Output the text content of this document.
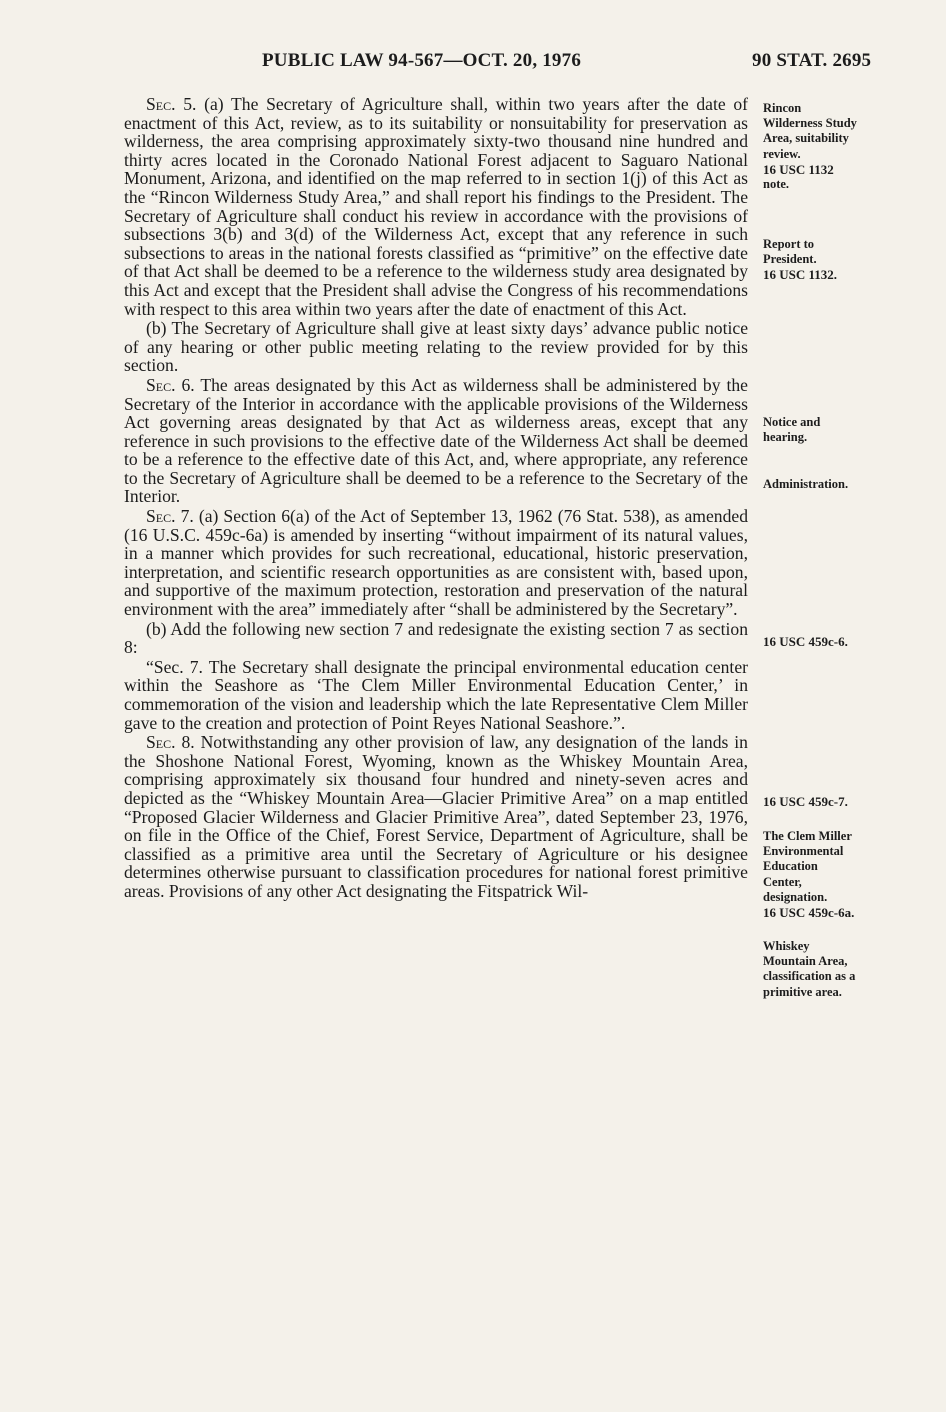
PUBLIC LAW 94-567—OCT. 20, 1976	90 STAT. 2695

Sec. 5. (a) The Secretary of Agriculture shall, within two years after the date of enactment of this Act, review, as to its suitability or nonsuitability for preservation as wilderness, the area comprising approximately sixty-two thousand nine hundred and thirty acres located in the Coronado National Forest adjacent to Saguaro National Monument, Arizona, and identified on the map referred to in section 1(j) of this Act as the “Rincon Wilderness Study Area,” and shall report his findings to the President. The Secretary of Agriculture shall conduct his review in accordance with the provisions of subsections 3(b) and 3(d) of the Wilderness Act, except that any reference in such subsections to areas in the national forests classified as “primitive” on the effective date of that Act shall be deemed to be a reference to the wilderness study area designated by this Act and except that the President shall advise the Congress of his recommendations with respect to this area within two years after the date of enactment of this Act.

(b) The Secretary of Agriculture shall give at least sixty days’ advance public notice of any hearing or other public meeting relating to the review provided for by this section.

Sec. 6. The areas designated by this Act as wilderness shall be administered by the Secretary of the Interior in accordance with the applicable provisions of the Wilderness Act governing areas designated by that Act as wilderness areas, except that any reference in such provisions to the effective date of the Wilderness Act shall be deemed to be a reference to the effective date of this Act, and, where appropriate, any reference to the Secretary of Agriculture shall be deemed to be a reference to the Secretary of the Interior.

Sec. 7. (a) Section 6(a) of the Act of September 13, 1962 (76 Stat. 538), as amended (16 U.S.C. 459c-6a) is amended by inserting “without impairment of its natural values, in a manner which provides for such recreational, educational, historic preservation, interpretation, and scientific research opportunities as are consistent with, based upon, and supportive of the maximum protection, restoration and preservation of the natural environment with the area” immediately after “shall be administered by the Secretary”.

(b) Add the following new section 7 and redesignate the existing section 7 as section 8:

“Sec. 7. The Secretary shall designate the principal environmental education center within the Seashore as ‘The Clem Miller Environmental Education Center,’ in commemoration of the vision and leadership which the late Representative Clem Miller gave to the creation and protection of Point Reyes National Seashore.”.

Sec. 8. Notwithstanding any other provision of law, any designation of the lands in the Shoshone National Forest, Wyoming, known as the Whiskey Mountain Area, comprising approximately six thousand four hundred and ninety-seven acres and depicted as the “Whiskey Mountain Area—Glacier Primitive Area” on a map entitled “Proposed Glacier Wilderness and Glacier Primitive Area”, dated September 23, 1976, on file in the Office of the Chief, Forest Service, Department of Agriculture, shall be classified as a primitive area until the Secretary of Agriculture or his designee determines otherwise pursuant to classification procedures for national forest primitive areas. Provisions of any other Act designating the Fitspatrick Wil-

Rincon
Wilderness Study
Area, suitability
review.
16 USC 1132
note.
Report to
President.
16 USC 1132.
Notice and
hearing.
Administration.
16 USC 459c-6.
16 USC 459c-7.
The Clem Miller
Environmental
Education
Center,
designation.
16 USC 459c-6a.
Whiskey
Mountain Area,
classification as a
primitive area.
